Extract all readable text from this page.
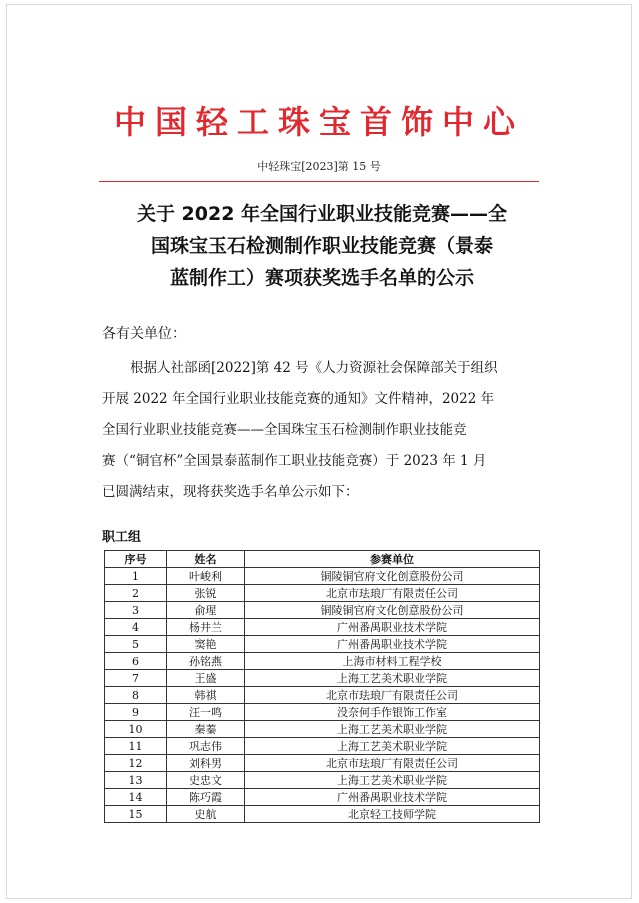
中国轻工珠宝首饰中心
中轻珠宝[2023]第 15 号
关于 2022 年全国行业职业技能竞赛——全
国珠宝玉石检测制作职业技能竞赛（景泰
蓝制作工）赛项获奖选手名单的公示
各有关单位：
根据人社部函[2022]第 42 号《人力资源社会保障部关于组织
开展 2022 年全国行业职业技能竞赛的通知》文件精神，2022 年
全国行业职业技能竞赛——全国珠宝玉石检测制作职业技能竞
赛（“铜官杯”全国景泰蓝制作工职业技能竞赛）于 2023 年 1 月
已圆满结束，现将获奖选手名单公示如下：
职工组
序号	姓名	参赛单位
1	叶峻利	铜陵铜官府文化创意股份公司
2	张锐	北京市珐琅厂有限责任公司
3	俞瑆	铜陵铜官府文化创意股份公司
4	杨井兰	广州番禺职业技术学院
5	窦艳	广州番禺职业技术学院
6	孙铭燕	上海市材料工程学校
7	王盛	上海工艺美术职业学院
8	韩祺	北京市珐琅厂有限责任公司
9	汪一鸣	没奈何手作银饰工作室
10	秦蓁	上海工艺美术职业学院
11	巩志伟	上海工艺美术职业学院
12	刘科男	北京市珐琅厂有限责任公司
13	史忠文	上海工艺美术职业学院
14	陈巧霞	广州番禺职业技术学院
15	史航	北京轻工技师学院
